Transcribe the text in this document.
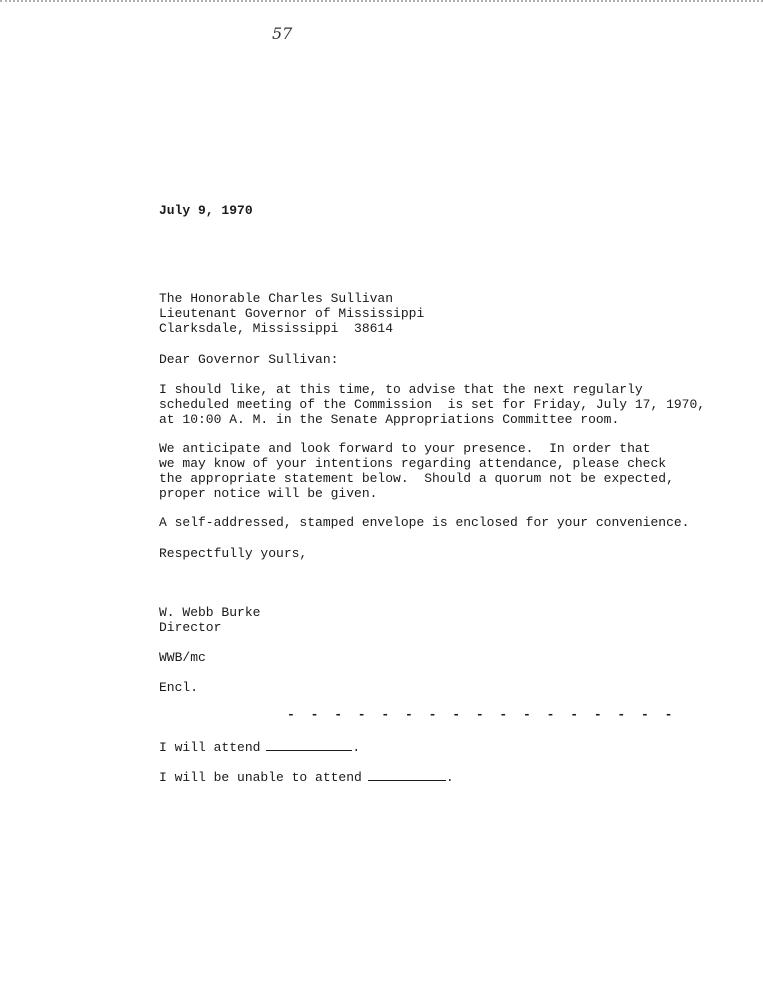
57
July 9, 1970
The Honorable Charles Sullivan
Lieutenant Governor of Mississippi
Clarksdale, Mississippi  38614
Dear Governor Sullivan:
I should like, at this time, to advise that the next regularly
scheduled meeting of the Commission  is set for Friday, July 17, 1970,
at 10:00 A. M. in the Senate Appropriations Committee room.
We anticipate and look forward to your presence.  In order that
we may know of your intentions regarding attendance, please check
the appropriate statement below.  Should a quorum not be expected,
proper notice will be given.
A self-addressed, stamped envelope is enclosed for your convenience.
Respectfully yours,
W. Webb Burke
Director
WWB/mc
Encl.
- - - - - - - - - - - - - - - - -
I will attend	.
I will be unable to attend	.
